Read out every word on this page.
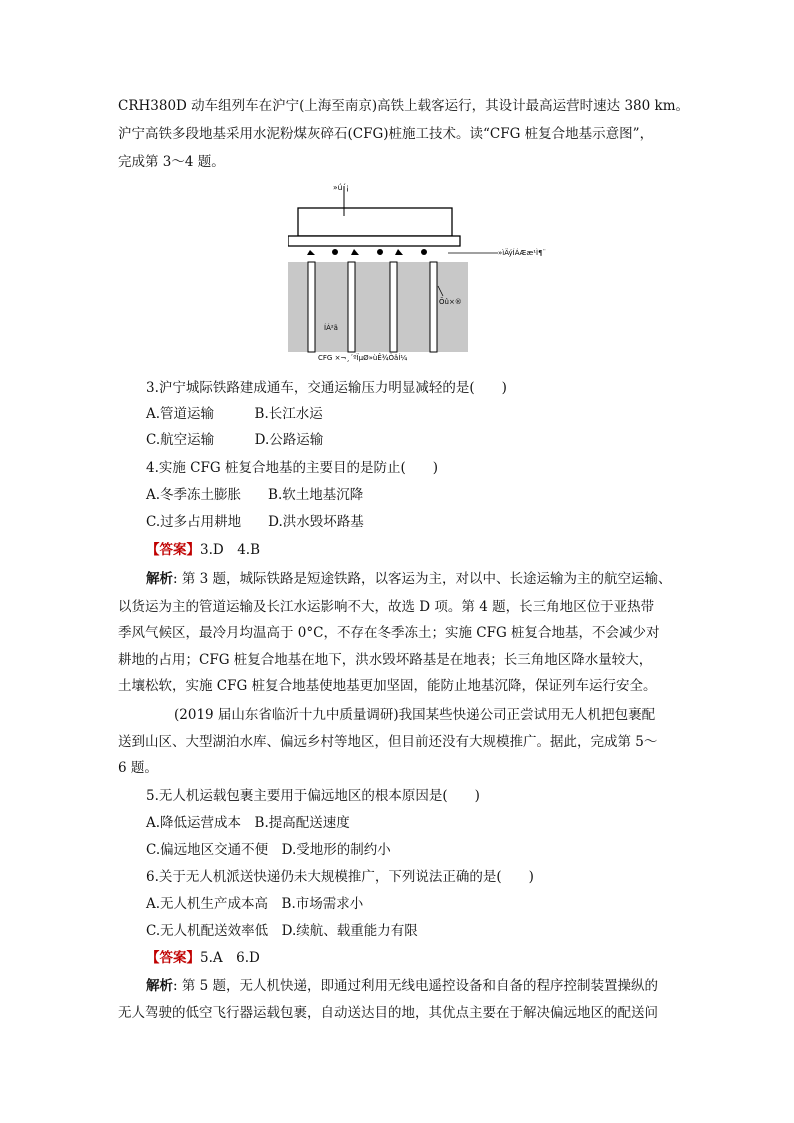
CRH380D 动车组列车在沪宁(上海至南京)高铁上载客运行，其设计最高运营时速达 380 km。
沪宁高铁多段地基采用水泥粉煤灰碎石(CFG)桩施工技术。读“CFG 桩复合地基示意图”，
完成第 3～4 题。
»ú´¡
»ìÄýÍÁÆæ¹Ì¶¨
Õû×®
ÍÁ²ã
CFG ×¬¸´ºÏµØ»ùÊ¾ÒâÍ¼
3.沪宁城际铁路建成通车，交通运输压力明显减轻的是(　　)
A.管道运输　　　B.长江水运
C.航空运输　　　D.公路运输
4.实施 CFG 桩复合地基的主要目的是防止(　　)
A.冬季冻土膨胀　　B.软土地基沉降
C.过多占用耕地　　D.洪水毁坏路基
【答案】3.D　4.B
解析: 第 3 题，城际铁路是短途铁路，以客运为主，对以中、长途运输为主的航空运输、
以货运为主的管道运输及长江水运影响不大，故选 D 项。第 4 题，长三角地区位于亚热带
季风气候区，最冷月均温高于 0°C，不存在冬季冻土；实施 CFG 桩复合地基，不会减少对
耕地的占用；CFG 桩复合地基在地下，洪水毁坏路基是在地表；长三角地区降水量较大，
土壤松软，实施 CFG 桩复合地基使地基更加坚固，能防止地基沉降，保证列车运行安全。
(2019 届山东省临沂十九中质量调研)我国某些快递公司正尝试用无人机把包裹配
送到山区、大型湖泊水库、偏远乡村等地区，但目前还没有大规模推广。据此，完成第 5～
6 题。
5.无人机运载包裹主要用于偏远地区的根本原因是(　　)
A.降低运营成本　B.提高配送速度
C.偏远地区交通不便　D.受地形的制约小
6.关于无人机派送快递仍未大规模推广，下列说法正确的是(　　)
A.无人机生产成本高　B.市场需求小
C.无人机配送效率低　D.续航、载重能力有限
【答案】5.A　6.D
解析: 第 5 题，无人机快递，即通过利用无线电遥控设备和自备的程序控制装置操纵的
无人驾驶的低空飞行器运载包裹，自动送达目的地，其优点主要在于解决偏远地区的配送问
